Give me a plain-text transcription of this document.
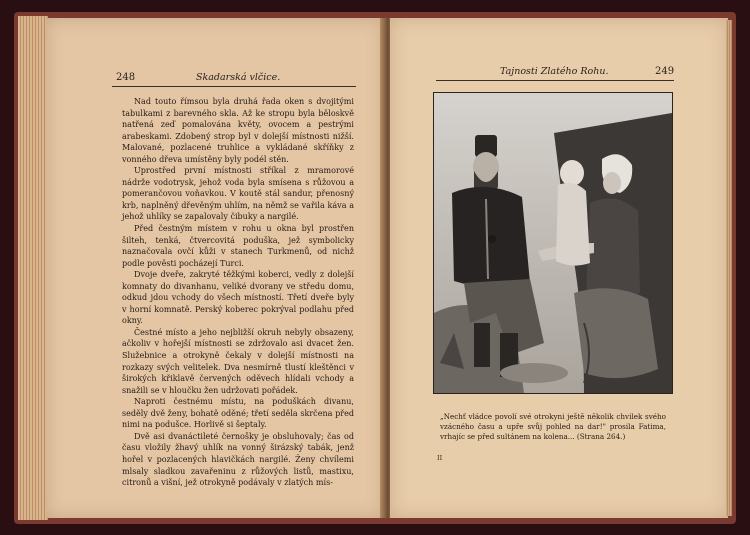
248	Skadarská vlčice.

Nad touto římsou byla druhá řada oken s dvojitými tabulkami z barevného skla. Až ke stropu byla běloskvě natřená zeď pomalována květy, ovocem a pestrými arabeskami. Zdobený strop byl v dolejší místnosti nižší. Malované, pozlacené truhlice a vykládané skříňky z vonného dřeva umístěny byly podél stěn.

Uprostřed první místnosti stříkal z mramorové nádrže vodotrysk, jehož voda byla smísena s růžovou a pomerančovou voňavkou. V koutě stál sandur, přenosný krb, naplněný dřevěným uhlím, na němž se vařila káva a jehož uhlíky se zapalovaly čibuky a nargilé.

Před čestným místem v rohu u okna byl prostřen šilteh, tenká, čtvercovitá poduška, jež symbolicky naznačovala ovčí kůži v stanech Turkmenů, od nichž podle pověsti pocházejí Turci.

Dvoje dveře, zakryté těžkými koberci, vedly z dolejší komnaty do divanhanu, veliké dvorany ve středu domu, odkud jdou vchody do všech místností. Třetí dveře byly v horní komnatě. Perský koberec pokrýval podlahu před okny.

Čestné místo a jeho nejbližší okruh nebyly obsazeny, ačkoliv v hořejší místnosti se zdržovalo asi dvacet žen. Služebnice a otrokyně čekaly v dolejší místnosti na rozkazy svých velitelek. Dva nesmírně tlustí kleštěnci v širokých křiklavě červených oděvech hlídali vchody a snažili se v hloučku žen udržovati pořádek.

Naproti čestnému místu, na poduškách divanu, seděly dvě ženy, bohatě oděné; třetí seděla skrčena před nimi na podušce. Horlivě si šeptaly.

Dvě asi dvanáctileté černošky je obsluhovaly; čas od času vložily žhavý uhlík na vonný širázský tabák, jenž hořel v pozlacených hlavičkách nargilé. Ženy chvílemi mlsaly sladkou zavařeninu z růžových listů, mastixu, citronů a višní, jež otrokyně podávaly v zlatých mís-

Tajnosti Zlatého Rohu.	249
„Nechť vládce povolí své otrokyni ještě několik chvilek svého vzácného času a upře svůj pohled na dar!" prosila Fatima, vrhajíc se před sultánem na kolena... (Strana 264.)
II
